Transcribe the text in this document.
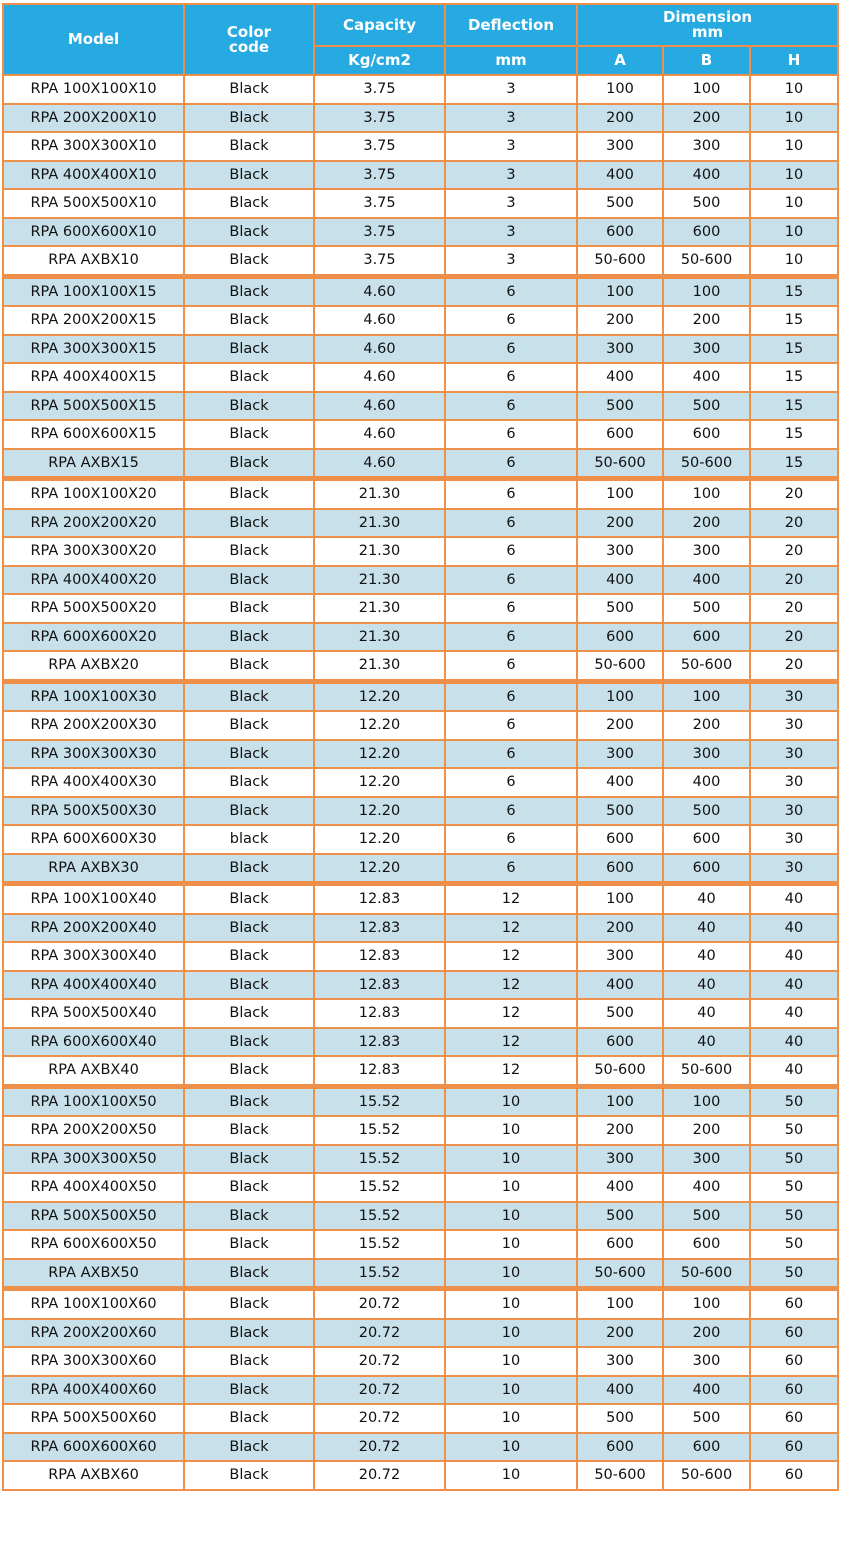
Model	Color code	Capacity	Deflection	Dimension
mm		

		Kg/cm2	mm	A	B	H
RPA 100X100X10	Black	3.75	3	100	100	10
RPA 200X200X10	Black	3.75	3	200	200	10
RPA 300X300X10	Black	3.75	3	300	300	10
RPA 400X400X10	Black	3.75	3	400	400	10
RPA 500X500X10	Black	3.75	3	500	500	10
RPA 600X600X10	Black	3.75	3	600	600	10
RPA AXBX10	Black	3.75	3	50-600	50-600	10
RPA 100X100X15	Black	4.60	6	100	100	15
RPA 200X200X15	Black	4.60	6	200	200	15
RPA 300X300X15	Black	4.60	6	300	300	15
RPA 400X400X15	Black	4.60	6	400	400	15
RPA 500X500X15	Black	4.60	6	500	500	15
RPA 600X600X15	Black	4.60	6	600	600	15
RPA AXBX15	Black	4.60	6	50-600	50-600	15
RPA 100X100X20	Black	21.30	6	100	100	20
RPA 200X200X20	Black	21.30	6	200	200	20
RPA 300X300X20	Black	21.30	6	300	300	20
RPA 400X400X20	Black	21.30	6	400	400	20
RPA 500X500X20	Black	21.30	6	500	500	20
RPA 600X600X20	Black	21.30	6	600	600	20
RPA AXBX20	Black	21.30	6	50-600	50-600	20
RPA 100X100X30	Black	12.20	6	100	100	30
RPA 200X200X30	Black	12.20	6	200	200	30
RPA 300X300X30	Black	12.20	6	300	300	30
RPA 400X400X30	Black	12.20	6	400	400	30
RPA 500X500X30	Black	12.20	6	500	500	30
RPA 600X600X30	black	12.20	6	600	600	30
RPA AXBX30	Black	12.20	6	600	600	30
RPA 100X100X40	Black	12.83	12	100	40	40
RPA 200X200X40	Black	12.83	12	200	40	40
RPA 300X300X40	Black	12.83	12	300	40	40
RPA 400X400X40	Black	12.83	12	400	40	40
RPA 500X500X40	Black	12.83	12	500	40	40
RPA 600X600X40	Black	12.83	12	600	40	40
RPA AXBX40	Black	12.83	12	50-600	50-600	40
RPA 100X100X50	Black	15.52	10	100	100	50
RPA 200X200X50	Black	15.52	10	200	200	50
RPA 300X300X50	Black	15.52	10	300	300	50
RPA 400X400X50	Black	15.52	10	400	400	50
RPA 500X500X50	Black	15.52	10	500	500	50
RPA 600X600X50	Black	15.52	10	600	600	50
RPA AXBX50	Black	15.52	10	50-600	50-600	50
RPA 100X100X60	Black	20.72	10	100	100	60
RPA 200X200X60	Black	20.72	10	200	200	60
RPA 300X300X60	Black	20.72	10	300	300	60
RPA 400X400X60	Black	20.72	10	400	400	60
RPA 500X500X60	Black	20.72	10	500	500	60
RPA 600X600X60	Black	20.72	10	600	600	60
RPA AXBX60	Black	20.72	10	50-600	50-600	60
